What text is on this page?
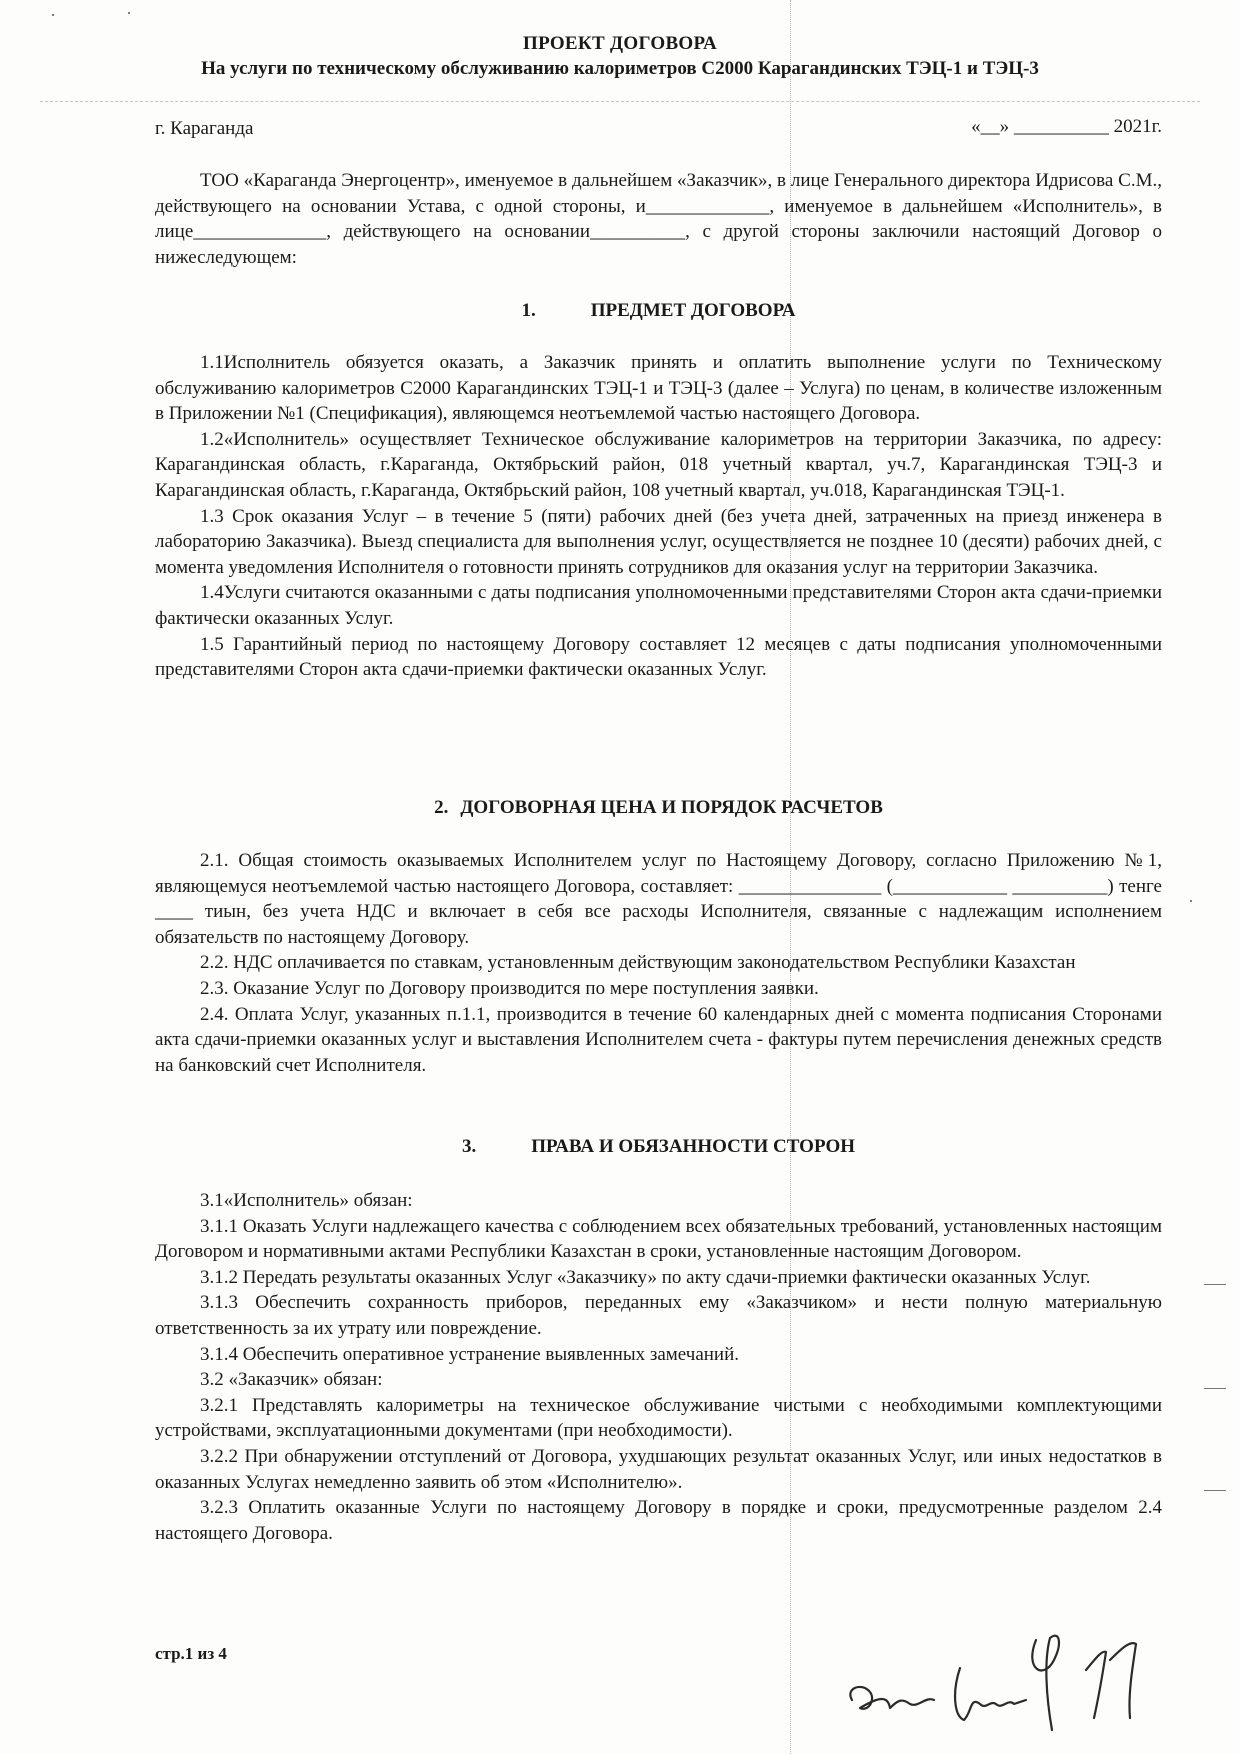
ПРОЕКТ ДОГОВОРА
На услуги по техническому обслуживанию калориметров С2000 Карагандинских ТЭЦ-1 и ТЭЦ-3
г. Караганда	«__» __________ 2021г.

ТОО «Караганда Энергоцентр», именуемое в дальнейшем «Заказчик», в лице Генерального директора Идрисова С.М., действующего на основании Устава, с одной стороны, и_____________, именуемое в дальнейшем «Исполнитель», в лице______________, действующего на основании__________, с другой стороны заключили настоящий Договор о нижеследующем:

1.	ПРЕДМЕТ ДОГОВОРА

1.1Исполнитель обязуется оказать, а Заказчик принять и оплатить выполнение услуги по Техническому обслуживанию калориметров С2000 Карагандинских ТЭЦ-1 и ТЭЦ-3 (далее – Услуга) по ценам, в количестве изложенным в Приложении №1 (Спецификация), являющемся неотъемлемой частью настоящего Договора.

1.2«Исполнитель» осуществляет Техническое обслуживание калориметров на территории Заказчика, по адресу: Карагандинская область, г.Караганда, Октябрьский район, 018 учетный квартал, уч.7, Карагандинская ТЭЦ-3 и Карагандинская область, г.Караганда, Октябрьский район, 108 учетный квартал, уч.018, Карагандинская ТЭЦ-1.

1.3 Срок оказания Услуг – в течение 5 (пяти) рабочих дней (без учета дней, затраченных на приезд инженера в лабораторию Заказчика). Выезд специалиста для выполнения услуг, осуществляется не позднее 10 (десяти) рабочих дней, с момента уведомления Исполнителя о готовности принять сотрудников для оказания услуг на территории Заказчика.

1.4Услуги считаются оказанными с даты подписания уполномоченными представителями Сторон акта сдачи-приемки фактически оказанных Услуг.

1.5 Гарантийный период по настоящему Договору составляет 12 месяцев с даты подписания уполномоченными представителями Сторон акта сдачи-приемки фактически оказанных Услуг.

2. ДОГОВОРНАЯ ЦЕНА И ПОРЯДОК РАСЧЕТОВ

2.1. Общая стоимость оказываемых Исполнителем услуг по Настоящему Договору, согласно Приложению №1, являющемуся неотъемлемой частью настоящего Договора, составляет: _______________ (____________ __________) тенге ____ тиын, без учета НДС и включает в себя все расходы Исполнителя, связанные с надлежащим исполнением обязательств по настоящему Договору.

2.2. НДС оплачивается по ставкам, установленным действующим законодательством Республики Казахстан

2.3. Оказание Услуг по Договору производится по мере поступления заявки.

2.4. Оплата Услуг, указанных п.1.1, производится в течение 60 календарных дней с момента подписания Сторонами акта сдачи-приемки оказанных услуг и выставления Исполнителем счета - фактуры путем перечисления денежных средств на банковский счет Исполнителя.

3.	ПРАВА И ОБЯЗАННОСТИ СТОРОН

3.1«Исполнитель» обязан:

3.1.1 Оказать Услуги надлежащего качества с соблюдением всех обязательных требований, установленных настоящим Договором и нормативными актами Республики Казахстан в сроки, установленные настоящим Договором.

3.1.2 Передать результаты оказанных Услуг «Заказчику» по акту сдачи-приемки фактически оказанных Услуг.

3.1.3 Обеспечить сохранность приборов, переданных ему «Заказчиком» и нести полную материальную ответственность за их утрату или повреждение.

3.1.4 Обеспечить оперативное устранение выявленных замечаний.

3.2 «Заказчик» обязан:

3.2.1 Представлять калориметры на техническое обслуживание чистыми с необходимыми комплектующими устройствами, эксплуатационными документами (при необходимости).

3.2.2 При обнаружении отступлений от Договора, ухудшающих результат оказанных Услуг, или иных недостатков в оказанных Услугах немедленно заявить об этом «Исполнителю».

3.2.3 Оплатить оказанные Услуги по настоящему Договору в порядке и сроки, предусмотренные разделом 2.4 настоящего Договора.

стр.1 из 4
